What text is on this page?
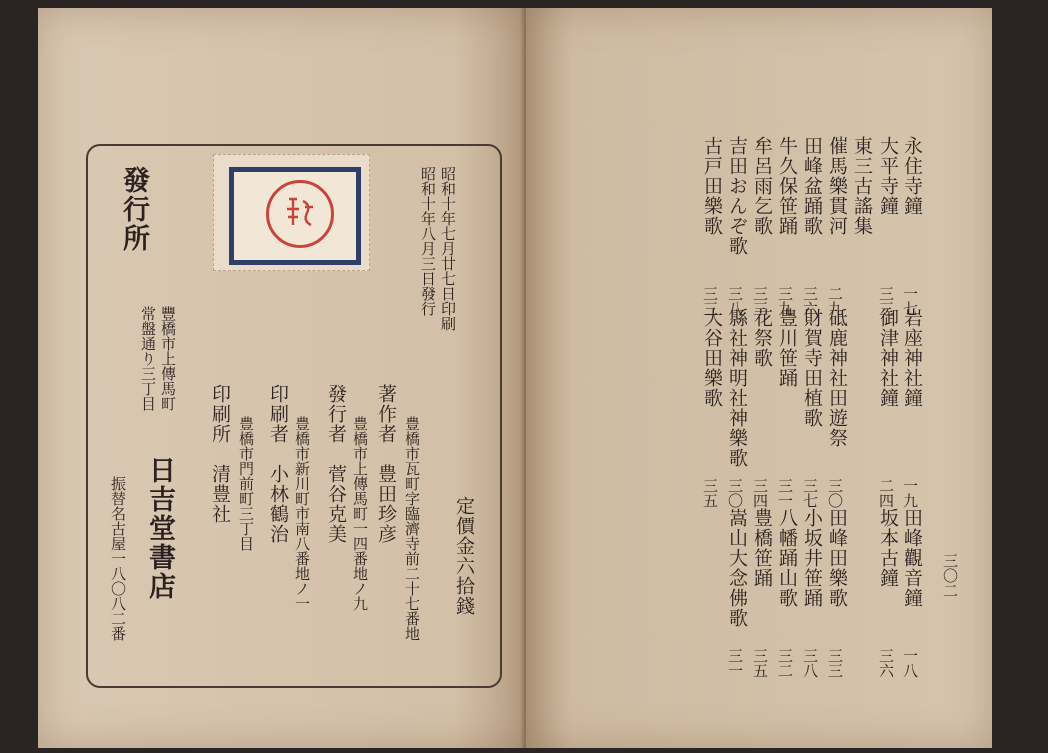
定價金六拾錢
昭和十年七月廿七日印刷
昭和十年八月三日發行
著作者
豊橋市瓦町字臨濟寺前二十七番地
豊田珍彦
發行者
豊橋市上傳馬町一四番地ノ九
菅谷克美
印刷者
豊橋市新川町市南八番地ノ一
小林鶴治
印刷所
豊橋市門前町三丁目
清豊社
發行所
豐橋市上傳馬町
常盤通り三丁目
日吉堂書店
振替名古屋一八〇八二番	三〇二
永住寺鐘
一七
岩座神社鐘
一九
田峰觀音鐘
一八
大平寺鐘
三三
御津神社鐘
二四
坂本古鐘
三六
東三古謠集
催馬樂貫河
二九
砥鹿神社田遊祭
三〇
田峰田樂歌
三三
田峰盆踊歌
三六
財賀寺田植歌
三七
小坂井笹踊
三八
牛久保笹踊
三九
豊川笹踊
三一
八幡踊山歌
三二
牟呂雨乞歌
三三
花祭歌
三四
豊橋笹踊
三五
吉田おんぞ歌
三八
縣社神明社神樂歌
三〇
嵩山大念佛歌
三一
古戸田樂歌
三三
大谷田樂歌
三五
